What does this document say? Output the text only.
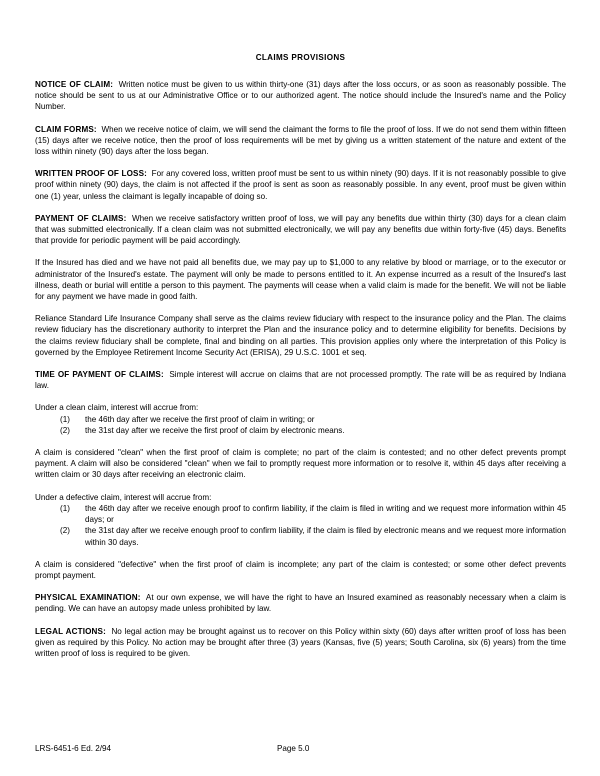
CLAIMS PROVISIONS

NOTICE OF CLAIM: Written notice must be given to us within thirty-one (31) days after the loss occurs, or as soon as reasonably possible. The notice should be sent to us at our Administrative Office or to our authorized agent. The notice should include the Insured's name and the Policy Number.

CLAIM FORMS: When we receive notice of claim, we will send the claimant the forms to file the proof of loss. If we do not send them within fifteen (15) days after we receive notice, then the proof of loss requirements will be met by giving us a written statement of the nature and extent of the loss within ninety (90) days after the loss began.

WRITTEN PROOF OF LOSS: For any covered loss, written proof must be sent to us within ninety (90) days. If it is not reasonably possible to give proof within ninety (90) days, the claim is not affected if the proof is sent as soon as reasonably possible. In any event, proof must be given within one (1) year, unless the claimant is legally incapable of doing so.

PAYMENT OF CLAIMS: When we receive satisfactory written proof of loss, we will pay any benefits due within thirty (30) days for a clean claim that was submitted electronically. If a clean claim was not submitted electronically, we will pay any benefits due within forty-five (45) days. Benefits that provide for periodic payment will be paid accordingly.

If the Insured has died and we have not paid all benefits due, we may pay up to $1,000 to any relative by blood or marriage, or to the executor or administrator of the Insured's estate. The payment will only be made to persons entitled to it. An expense incurred as a result of the Insured's last illness, death or burial will entitle a person to this payment. The payments will cease when a valid claim is made for the benefit. We will not be liable for any payment we have made in good faith.

Reliance Standard Life Insurance Company shall serve as the claims review fiduciary with respect to the insurance policy and the Plan. The claims review fiduciary has the discretionary authority to interpret the Plan and the insurance policy and to determine eligibility for benefits. Decisions by the claims review fiduciary shall be complete, final and binding on all parties. This provision applies only where the interpretation of this Policy is governed by the Employee Retirement Income Security Act (ERISA), 29 U.S.C. 1001 et seq.

TIME OF PAYMENT OF CLAIMS: Simple interest will accrue on claims that are not processed promptly. The rate will be as required by Indiana law.

Under a clean claim, interest will accrue from:

(1) the 46th day after we receive the first proof of claim in writing; or
(2) the 31st day after we receive the first proof of claim by electronic means.

A claim is considered "clean" when the first proof of claim is complete; no part of the claim is contested; and no other defect prevents prompt payment. A claim will also be considered "clean" when we fail to promptly request more information or to resolve it, within 45 days after receiving a written claim or 30 days after receiving an electronic claim.

Under a defective claim, interest will accrue from:

(1) the 46th day after we receive enough proof to confirm liability, if the claim is filed in writing and we request more information within 45 days; or
(2) the 31st day after we receive enough proof to confirm liability, if the claim is filed by electronic means and we request more information within 30 days.

A claim is considered "defective" when the first proof of claim is incomplete; any part of the claim is contested; or some other defect prevents prompt payment.

PHYSICAL EXAMINATION: At our own expense, we will have the right to have an Insured examined as reasonably necessary when a claim is pending. We can have an autopsy made unless prohibited by law.

LEGAL ACTIONS: No legal action may be brought against us to recover on this Policy within sixty (60) days after written proof of loss has been given as required by this Policy. No action may be brought after three (3) years (Kansas, five (5) years; South Carolina, six (6) years) from the time written proof of loss is required to be given.

LRS-6451-6 Ed. 2/94	Page 5.0
